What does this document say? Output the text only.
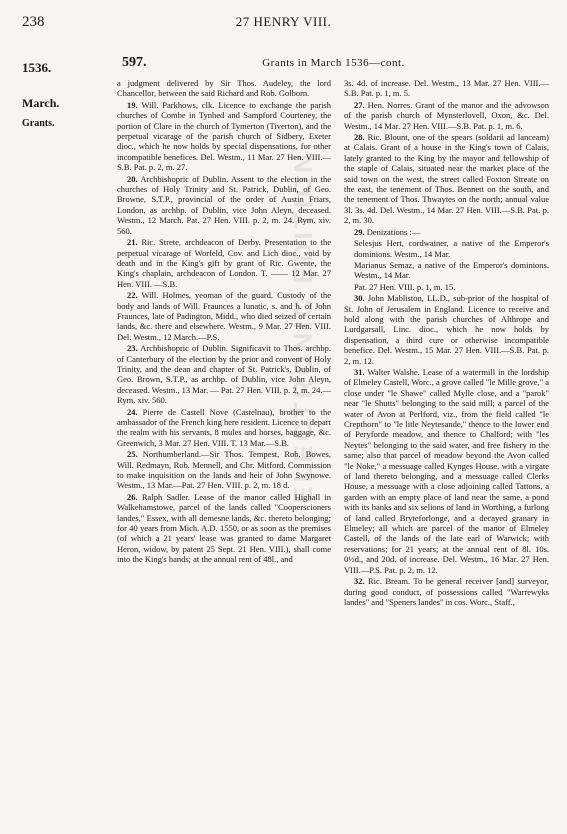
238	27 HENRY VIII.
1536.
March.
Grants.
597.	Grants in March 1536—cont.
ELECTRONIC EDITION

a judgment delivered by Sir Thos. Audeley, the lord Chancellor, between the said Richard and Rob. Golborn.

19. Will. Parkhows, clk. Licence to exchange the parish churches of Combe in Tynhed and Sampford Courteney, the portion of Clare in the church of Tymerton (Tiverton), and the perpetual vicarage of the parish church of Sidbery, Exeter dioc., which he now holds by special dispensations, for other incompatible benefices. Del. Westm., 11 Mar. 27 Hen. VIII.—S.B. Pat. p. 2, m. 27.

20. Archbishopric of Dublin. Assent to the election in the churches of Holy Trinity and St. Patrick, Dublin, of Geo. Browne, S.T.P., provincial of the order of Austin Friars, London, as archbp. of Dublin, vice John Aleyn, deceased. Westm., 12 March. Pat. 27 Hen. VIII. p. 2, m. 24. Rym. xiv. 560.

21. Ric. Strete, archdeacon of Derby. Presentation to the perpetual vicarage of Worfeld, Cov. and Lich dioc., void by death and in the King's gift by grant of Ric. Gwente, the King's chaplain, archdeacon of London. T. —— 12 Mar. 27 Hen. VIII. —S.B.

22. Will. Holmes, yeoman of the guard. Custody of the body and lands of Will. Fraunces a lunatic, s. and h. of John Fraunces, late of Padington, Midd., who died seized of certain lands, &c. there and elsewhere. Westm., 9 Mar. 27 Hen. VIII. Del. Westm., 12 March.—P.S.

23. Archbishopric of Dublin. Significavit to Thos. archbp. of Canterbury of the election by the prior and convent of Holy Trinity, and the dean and chapter of St. Patrick's, Dublin, of Geo. Brown, S.T.P., as archbp. of Dublin, vice John Aleyn, deceased. Westm., 13 Mar. — Pat. 27 Hen. VIII. p. 2, m. 24.— Rym. xiv. 560.

24. Pierre de Castell Nove (Castelnau), brother to the ambassador of the French king here resident. Licence to depart the realm with his servants, 8 mules and horses, baggage, &c. Greenwich, 3 Mar. 27 Hen. VIII. T. 13 Mar.—S.B.

25. Northumberland.—Sir Thos. Tempest, Rob. Bowes, Will. Redmayn, Rob. Mennell, and Chr. Mitford. Commission to make inquisition on the lands and heir of John Swynowe. Westm., 13 Mar.—Pat. 27 Hen. VIII. p. 2, m. 18 d.

26. Ralph Sadler. Lease of the manor called Highall in Walkehamstowe, parcel of the lands called "Cooperscioners landes," Essex, with all demesne lands, &c. thereto belonging; for 40 years from Mich. A.D. 1550, or as soon as the premises (of which a 21 years' lease was granted to dame Margaret Heron, widow, by patent 25 Sept. 21 Hen. VIII.), shall come into the King's hands; at the annual rent of 48l., and

3s. 4d. of increase. Del. Westm., 13 Mar. 27 Hen. VIII.—S.B. Pat. p. 1, m. 5.

27. Hen. Norres. Grant of the manor and the advowson of the parish church of Mynsterlovell, Oxon, &c. Del. Westm., 14 Mar. 27 Hen. VIII.—S.B. Pat. p. 1, m. 6.

28. Ric. Blount, one of the spears (soldarii ad lanceam) at Calais. Grant of a house in the King's town of Calais, lately granted to the King by the mayor and fellowship of the staple of Calais, situated near the market place of the said town on the west, the street called Foxton Streate on the east, the tenement of Thos. Bennett on the south, and the tenement of Thos. Thwaytes on the north; annual value 3l. 3s. 4d. Del. Westm., 14 Mar. 27 Hen. VIII.—S.B. Pat. p. 2, m. 30.

29. Denizations :—

Selesjus Hert, cordwainer, a native of the Emperor's dominions. Westm., 14 Mar.

Marianus Semaz, a native of the Emperor's dominions. Westm., 14 Mar.

Pat. 27 Hen. VIII. p. 1, m. 15.

30. John Mabliston, LL.D., sub-prior of the hospital of St. John of Jerusalem in England. Licence to receive and hold along with the parish churches of Althrope and Lurdgarsall, Linc. dioc., which he now holds by dispensation, a third cure or otherwise incompatible benefice. Del. Westm., 15 Mar. 27 Hen. VIII.—S.B. Pat. p. 2, m. 12.

31. Walter Walshe. Lease of a watermill in the lordship of Elmeley Castell, Worc., a grove called "le Mille grove," a close under "le Shawe" called Mylle close, and a "parok" near "le Shutts" belonging to the said mill; a parcel of the water of Avon at Perlford, viz., from the field called "le Crepthorn" to "le litle Neytesande," thence to the lower end of Peryforde meadow, and thence to Chalford; with "les Neytes" belonging to the said water, and free fishery in the same; also that parcel of meadow beyond the Avon called "le Noke," a messuage called Kynges House, with a virgate of land thereto belonging, and a messuage called Clerks House, a messuage with a close adjoining called Tattons, a garden with an empty place of land near the same, a pond with its banks and six selions of land in Worthing, a furlong of land called Bryteforlonge, and a decayed granary in Elmeley; all which are parcel of the manor of Elmeley Castell, of the lands of the late earl of Warwick; with reservations; for 21 years; at the annual rent of 8l. 10s. 0½d., and 20d. of increase. Del. Westm., 16 Mar. 27 Hen. VIII.—P.S. Pat. p. 2, m. 12.

32. Ric. Bream. To be general receiver [and] surveyor, during good conduct, of possessions called "Warrewyks landes" and "Speners landes" in cos. Worc., Staff.,
